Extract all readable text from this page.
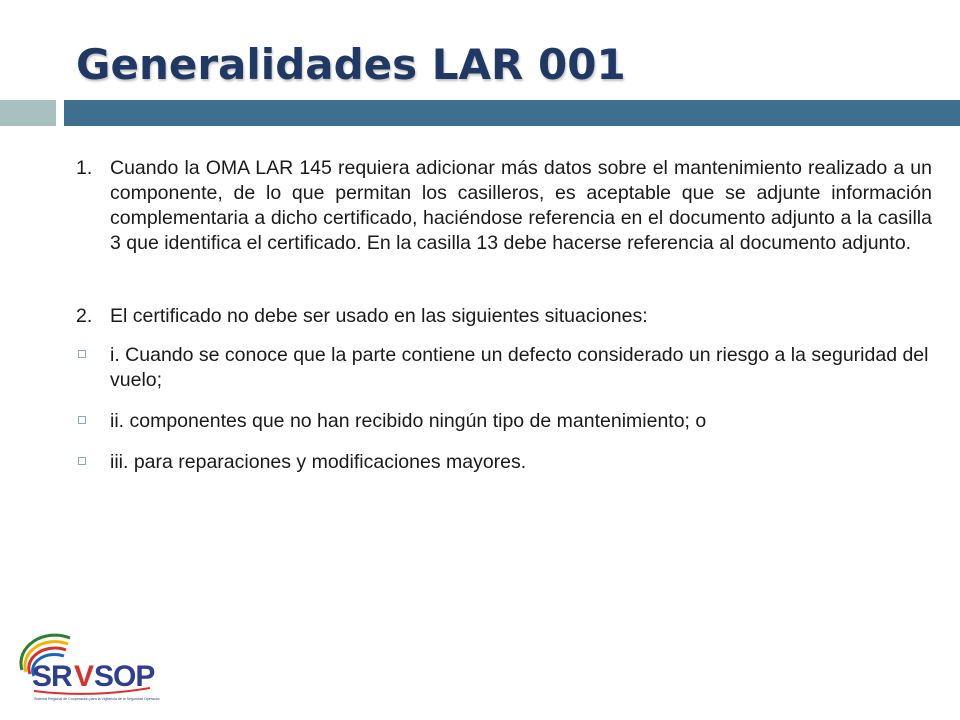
Generalidades LAR 001
1. Cuando la OMA LAR 145 requiera adicionar más datos sobre el mantenimiento realizado a un componente, de lo que permitan los casilleros, es aceptable que se adjunte información complementaria a dicho certificado, haciéndose referencia en el documento adjunto a la casilla 3 que identifica el certificado. En la casilla 13 debe hacerse referencia al documento adjunto.
2. El certificado no debe ser usado en las siguientes situaciones:
i. Cuando se conoce que la parte contiene un defecto considerado un riesgo a la seguridad del vuelo;
ii. componentes que no han recibido ningún tipo de mantenimiento; o
iii. para reparaciones y modificaciones mayores.
SR V SOP
Sistema Regional de Cooperación para la Vigilancia de la Seguridad Operacional
